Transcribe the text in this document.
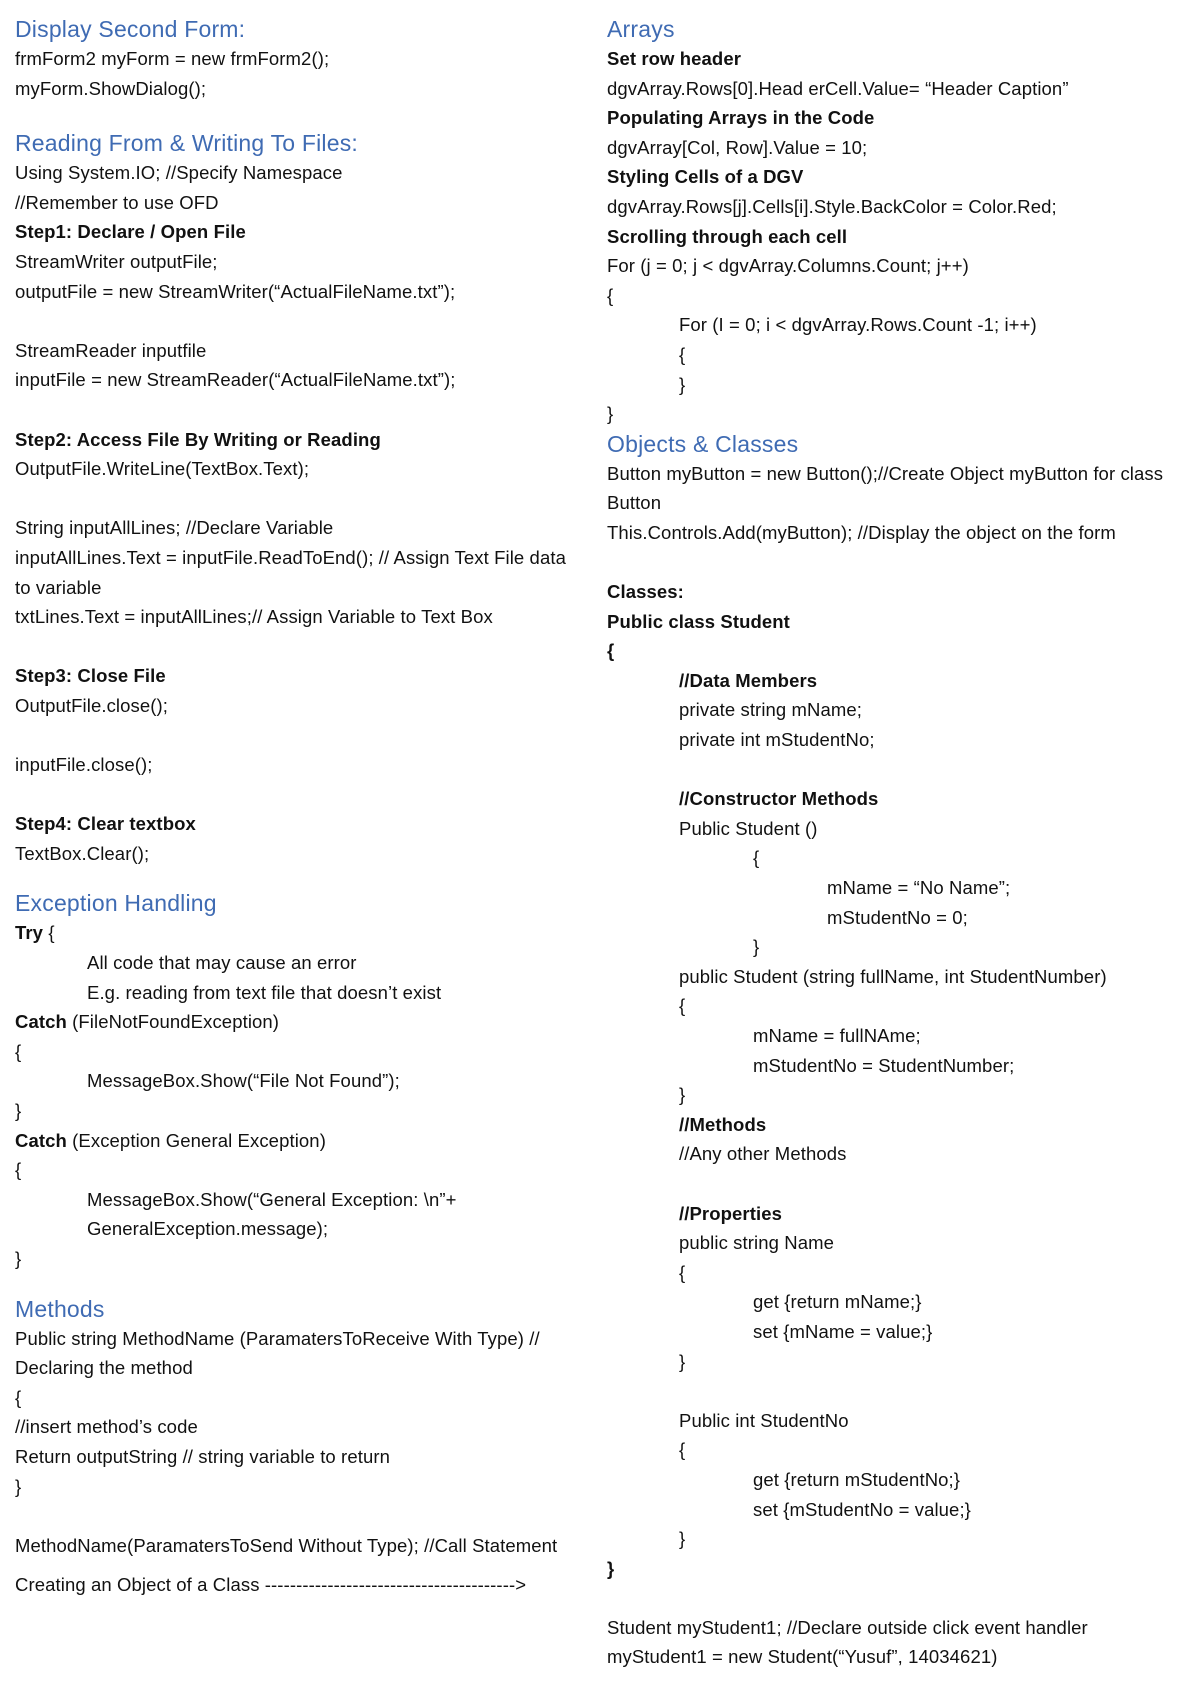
Display Second Form:
frmForm2 myForm = new frmForm2();
myForm.ShowDialog();
Reading From & Writing To Files:
Using System.IO; //Specify Namespace
//Remember to use OFD
Step1: Declare / Open File
StreamWriter outputFile;
outputFile = new StreamWriter(“ActualFileName.txt”);
StreamReader inputfile
inputFile = new StreamReader(“ActualFileName.txt”);
Step2: Access File By Writing or Reading
OutputFile.WriteLine(TextBox.Text);
String inputAllLines; //Declare Variable
inputAllLines.Text = inputFile.ReadToEnd(); // Assign Text File data to variable
txtLines.Text = inputAllLines;// Assign Variable to Text Box
Step3: Close File
OutputFile.close();
inputFile.close();
Step4: Clear textbox
TextBox.Clear();
Exception Handling
Try {
All code that may cause an error
E.g. reading from text file that doesn’t exist
Catch (FileNotFoundException)
{
MessageBox.Show(“File Not Found”);
}
Catch (Exception General Exception)
{
MessageBox.Show(“General Exception: \n”+
GeneralException.message);
}
Methods
Public string MethodName (ParamatersToReceive With Type) // Declaring the method
{
//insert method’s code
Return outputString // string variable to return
}
MethodName(ParamatersToSend Without Type); //Call Statement
Creating an Object of a Class ---------------------------------------->
Arrays
Set row header
dgvArray.Rows[0].Head erCell.Value= “Header Caption”
Populating Arrays in the Code
dgvArray[Col, Row].Value = 10;
Styling Cells of a DGV
dgvArray.Rows[j].Cells[i].Style.BackColor = Color.Red;
Scrolling through each cell
For (j = 0; j < dgvArray.Columns.Count; j++)
{
For (I = 0; i < dgvArray.Rows.Count -1; i++)
{
}
}
Objects & Classes
Button myButton = new Button();//Create Object myButton for class Button
This.Controls.Add(myButton); //Display the object on the form
Classes:
Public class Student
{
//Data Members
private string mName;
private int mStudentNo;
//Constructor Methods
Public Student ()
{
mName = “No Name”;
mStudentNo = 0;
}
public Student (string fullName, int StudentNumber)
{
mName = fullNAme;
mStudentNo = StudentNumber;
}
//Methods
//Any other Methods
//Properties
public string Name
{
get {return mName;}
set {mName = value;}
}
Public int StudentNo
{
get {return mStudentNo;}
set {mStudentNo = value;}
}
}
Student myStudent1; //Declare outside click event handler
myStudent1 = new Student(“Yusuf”, 14034621)
